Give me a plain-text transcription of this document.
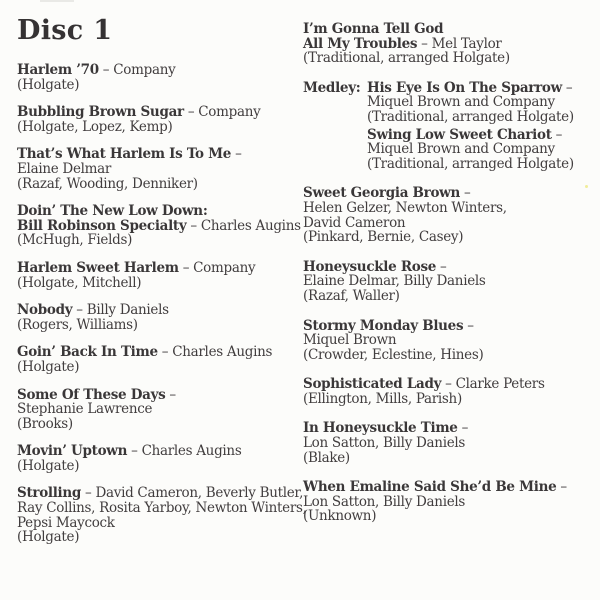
Disc 1
Harlem ’70 – Company
(Holgate)
Bubbling Brown Sugar – Company
(Holgate, Lopez, Kemp)
That’s What Harlem Is To Me –
Elaine Delmar
(Razaf, Wooding, Denniker)
Doin’ The New Low Down:
Bill Robinson Specialty – Charles Augins
(McHugh, Fields)
Harlem Sweet Harlem – Company
(Holgate, Mitchell)
Nobody – Billy Daniels
(Rogers, Williams)
Goin’ Back In Time – Charles Augins
(Holgate)
Some Of These Days –
Stephanie Lawrence
(Brooks)
Movin’ Uptown – Charles Augins
(Holgate)
Strolling – David Cameron, Beverly Butler,
Ray Collins, Rosita Yarboy, Newton Winters,
Pepsi Maycock
(Holgate)
I’m Gonna Tell God
All My Troubles – Mel Taylor
(Traditional, arranged Holgate)
Medley: His Eye Is On The Sparrow –
Miquel Brown and Company
(Traditional, arranged Holgate)
Swing Low Sweet Chariot –
Miquel Brown and Company
(Traditional, arranged Holgate)
Sweet Georgia Brown –
Helen Gelzer, Newton Winters,
David Cameron
(Pinkard, Bernie, Casey)
Honeysuckle Rose –
Elaine Delmar, Billy Daniels
(Razaf, Waller)
Stormy Monday Blues –
Miquel Brown
(Crowder, Eclestine, Hines)
Sophisticated Lady – Clarke Peters
(Ellington, Mills, Parish)
In Honeysuckle Time –
Lon Satton, Billy Daniels
(Blake)
When Emaline Said She’d Be Mine –
Lon Satton, Billy Daniels
(Unknown)
